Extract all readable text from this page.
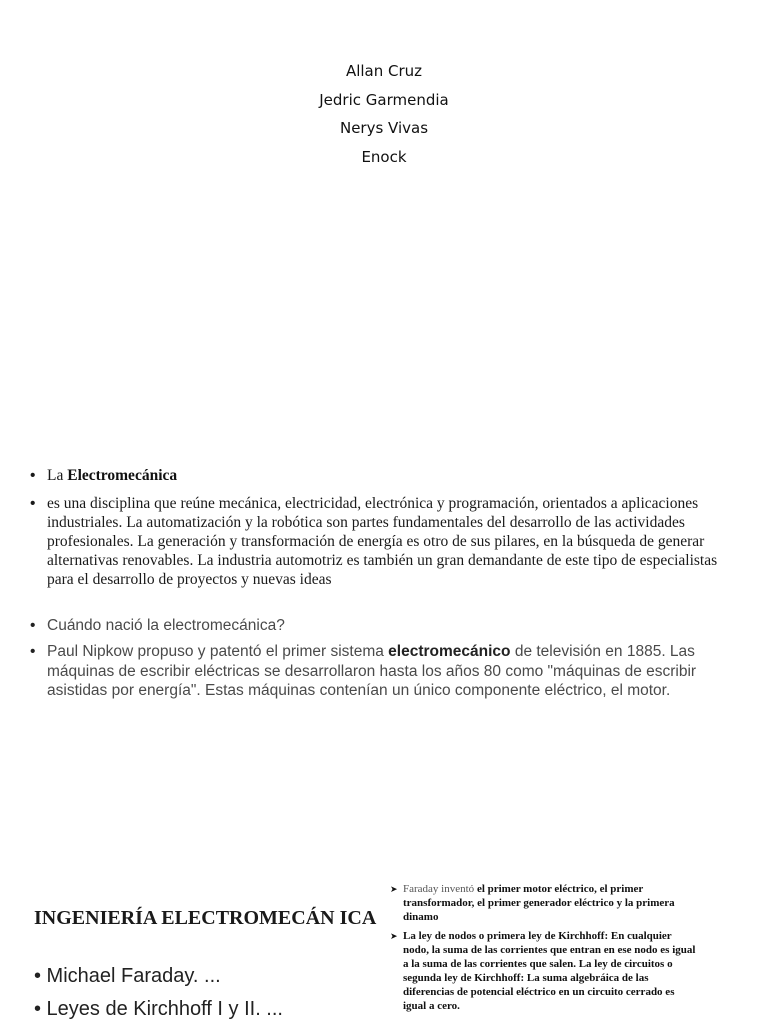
Allan Cruz
Jedric Garmendia
Nerys Vivas
Enock
• La Electromecánica
• es una disciplina que reúne mecánica, electricidad, electrónica y programación, orientados a aplicaciones industriales. La automatización y la robótica son partes fundamentales del desarrollo de las actividades profesionales. La generación y transformación de energía es otro de sus pilares, en la búsqueda de generar alternativas renovables. La industria automotriz es también un gran demandante de este tipo de especialistas para el desarrollo de proyectos y nuevas ideas
• Cuándo nació la electromecánica?
• Paul Nipkow propuso y patentó el primer sistema electromecánico de televisión en 1885. Las máquinas de escribir eléctricas se desarrollaron hasta los años 80 como "máquinas de escribir asistidas por energía". Estas máquinas contenían un único componente eléctrico, el motor.
INGENIERÍA ELECTROMECÁN ICA
• Michael Faraday. ...
• Leyes de Kirchhoff I y II. ...
➤ Faraday inventó el primer motor eléctrico, el primer transformador, el primer generador eléctrico y la primera dinamo
➤ La ley de nodos o primera ley de Kirchhoff: En cualquier nodo, la suma de las corrientes que entran en ese nodo es igual a la suma de las corrientes que salen. La ley de circuitos o segunda ley de Kirchhoff: La suma algebráica de las diferencias de potencial eléctrico en un circuito cerrado es igual a cero.
